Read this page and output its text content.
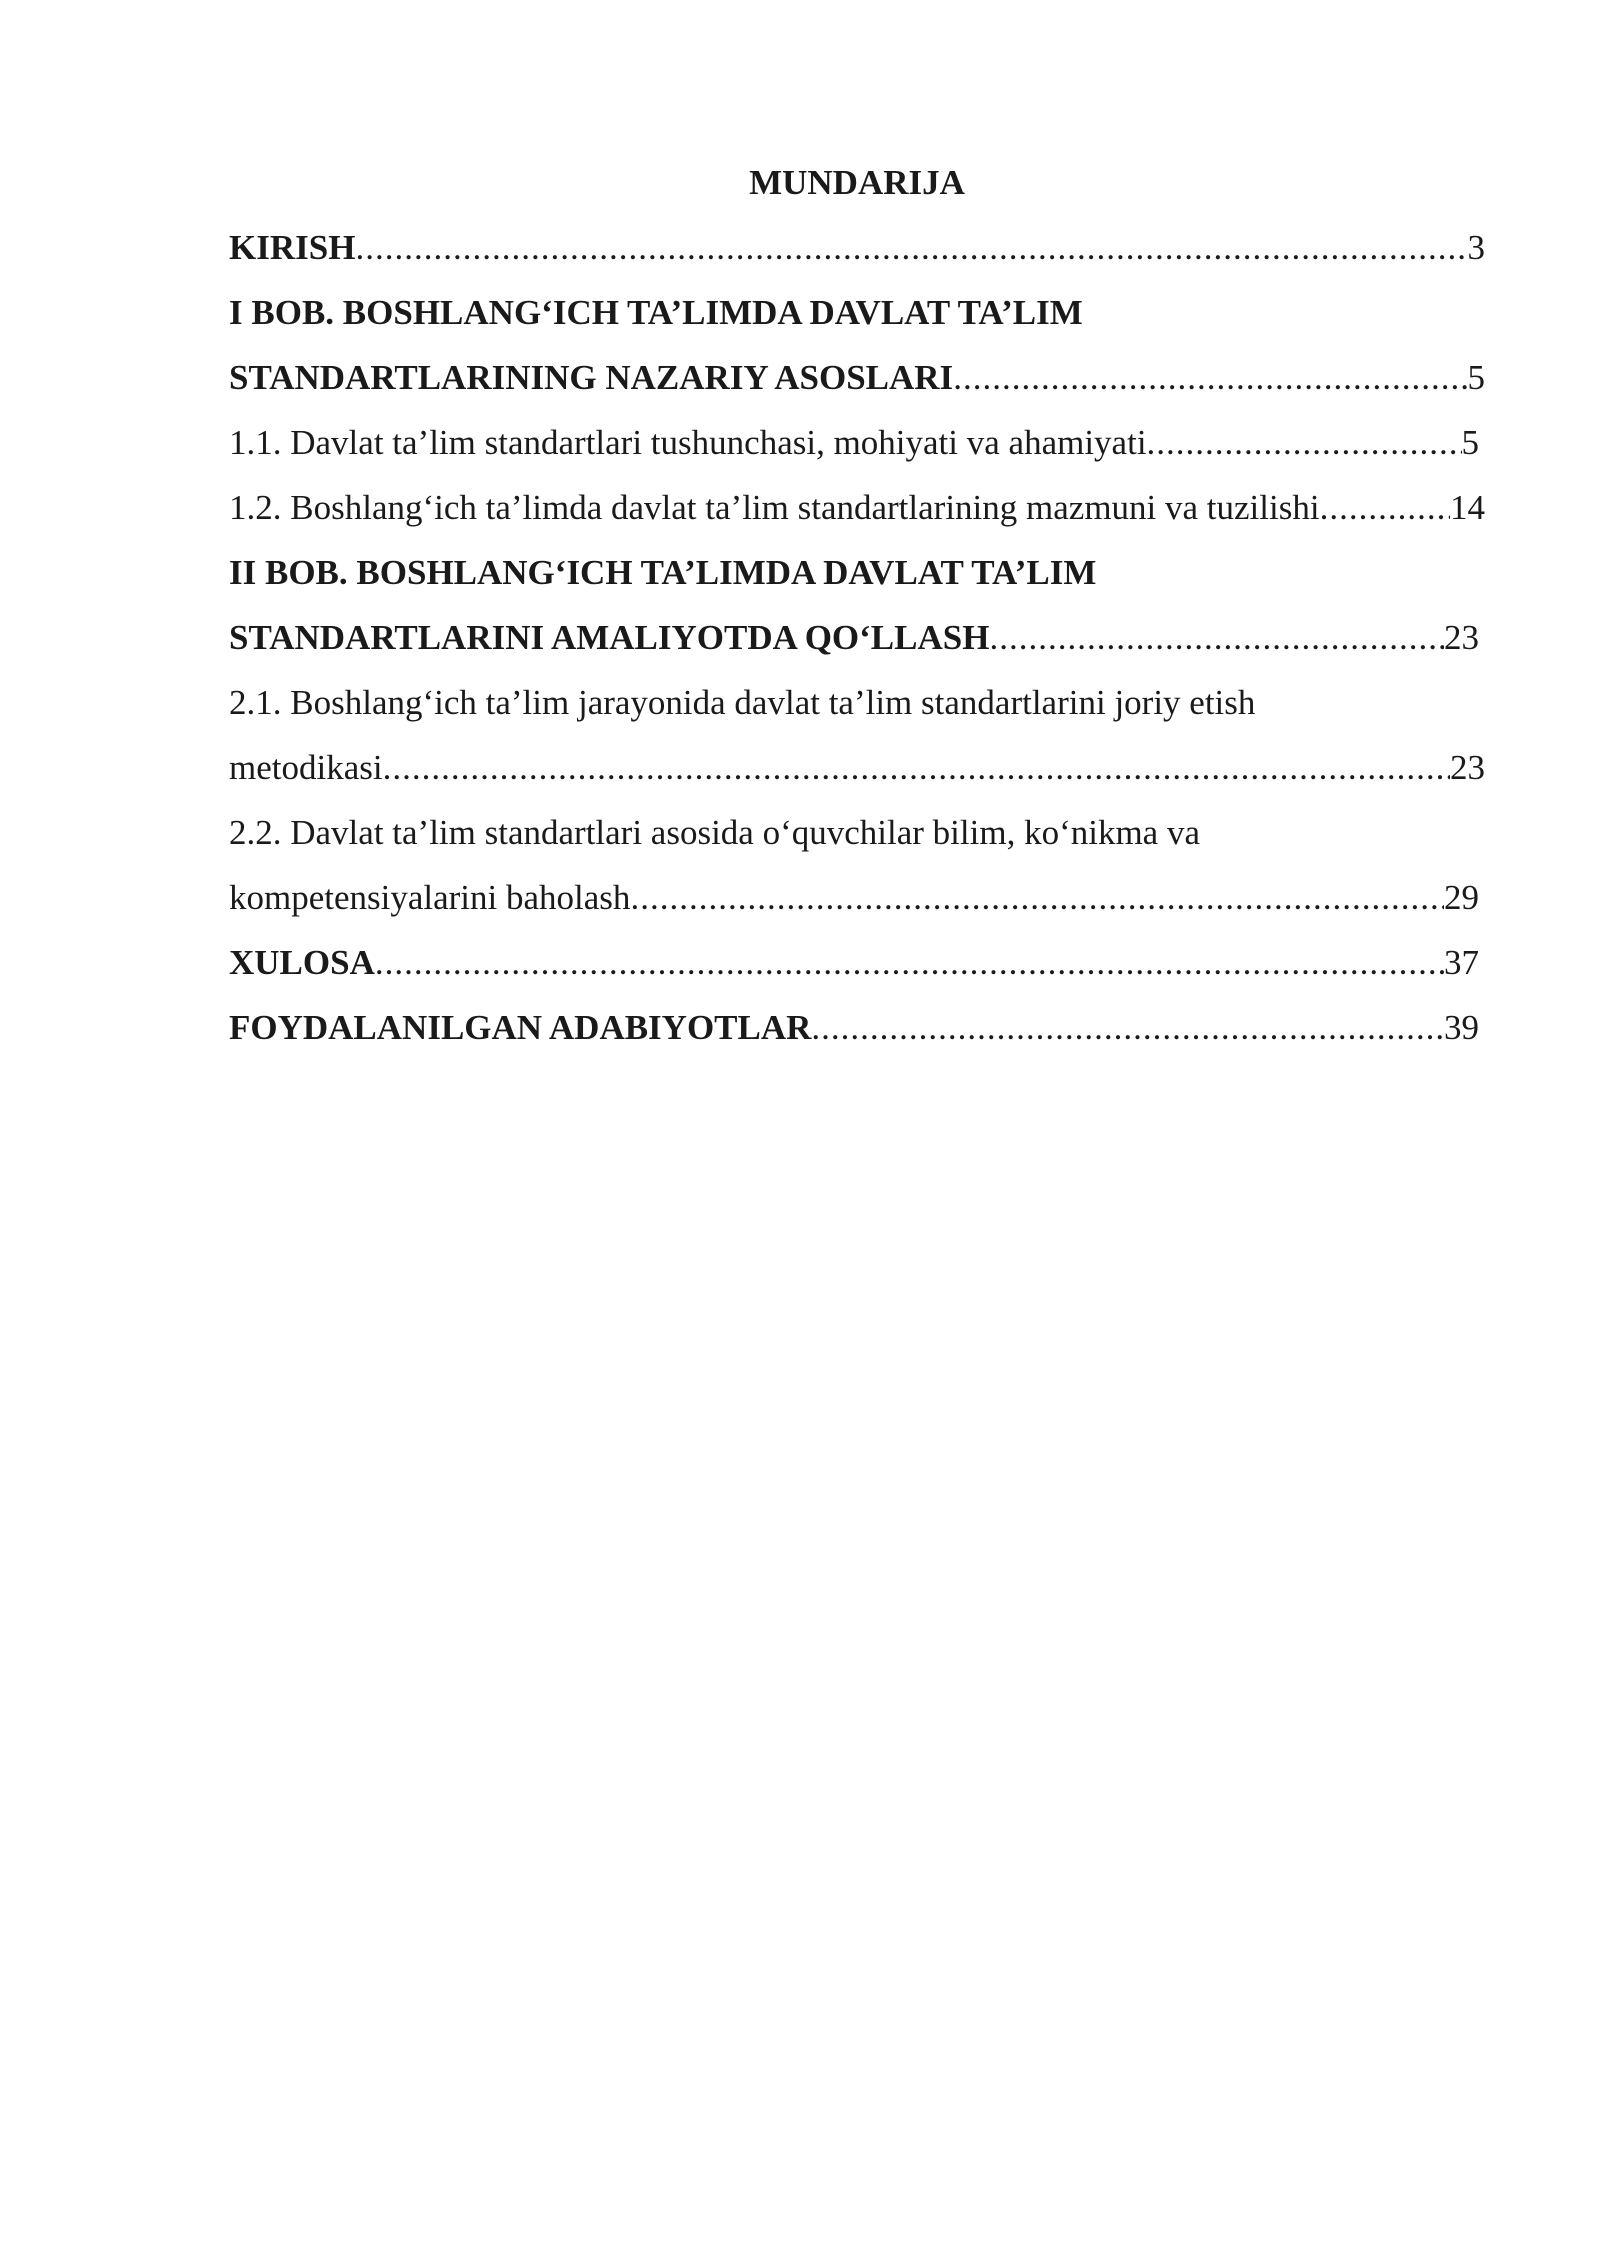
MUNDARIJA
KIRISH .....	3
I BOB. BOSHLANG‘ICH TA’LIMDA DAVLAT TA’LIM
STANDARTLARINING NAZARIY ASOSLARI .....	5
1.1. Davlat ta’lim standartlari tushunchasi, mohiyati va ahamiyati .....	5
1.2. Boshlang‘ich ta’limda davlat ta’lim standartlarining mazmuni va tuzilishi .....	14
II BOB. BOSHLANG‘ICH TA’LIMDA DAVLAT TA’LIM
STANDARTLARINI AMALIYOTDA QO‘LLASH .....	23
2.1. Boshlang‘ich ta’lim jarayonida davlat ta’lim standartlarini joriy etish
metodikasi .....	23
2.2. Davlat ta’lim standartlari asosida o‘quvchilar bilim, ko‘nikma va
kompetensiyalarini baholash .....	29
XULOSA .....	37
FOYDALANILGAN ADABIYOTLAR .....	39
